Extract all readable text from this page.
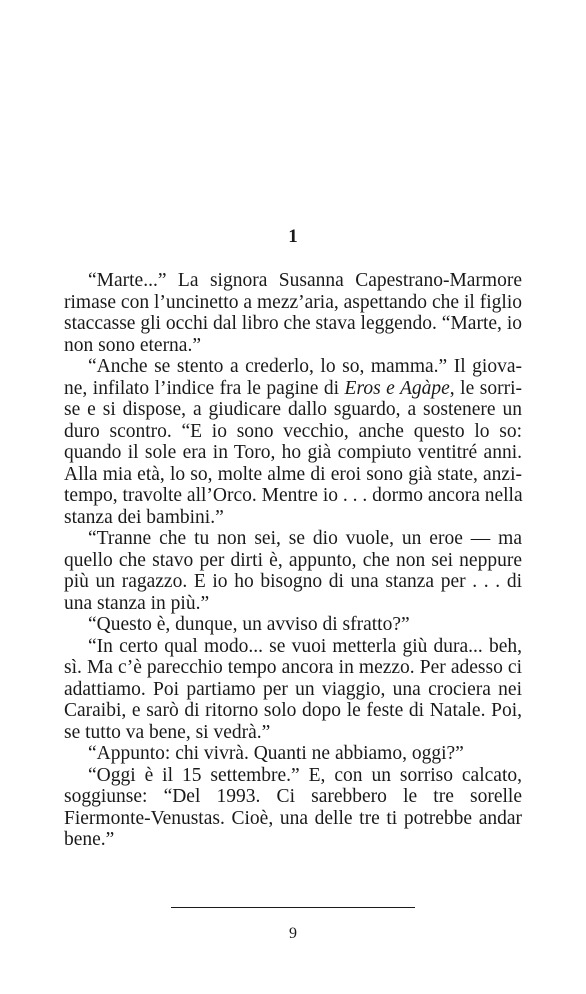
1
“Marte...” La signora Susanna Capestrano-Marmore
rimase con l’uncinetto a mezz’aria, aspettando che il figlio
staccasse gli occhi dal libro che stava leggendo. “Marte, io
non sono eterna.”
“Anche se stento a crederlo, lo so, mamma.” Il giova-
ne, infilato l’indice fra le pagine di Eros e Agàpe, le sorri-
se e si dispose, a giudicare dallo sguardo, a sostenere un
duro scontro. “E io sono vecchio, anche questo lo so:
quando il sole era in Toro, ho già compiuto ventitré anni.
Alla mia età, lo so, molte alme di eroi sono già state, anzi-
tempo, travolte all’Orco. Mentre io . . . dormo ancora nella
stanza dei bambini.”
“Tranne che tu non sei, se dio vuole, un eroe — ma
quello che stavo per dirti è, appunto, che non sei neppure
più un ragazzo. E io ho bisogno di una stanza per . . . di
una stanza in più.”
“Questo è, dunque, un avviso di sfratto?”
“In certo qual modo... se vuoi metterla giù dura... beh,
sì. Ma c’è parecchio tempo ancora in mezzo. Per adesso ci
adattiamo. Poi partiamo per un viaggio, una crociera nei
Caraibi, e sarò di ritorno solo dopo le feste di Natale. Poi,
se tutto va bene, si vedrà.”
“Appunto: chi vivrà. Quanti ne abbiamo, oggi?”
“Oggi è il 15 settembre.” E, con un sorriso calcato,
soggiunse: “Del 1993. Ci sarebbero le tre sorelle
Fiermonte-Venustas. Cioè, una delle tre ti potrebbe andar
bene.”
9
